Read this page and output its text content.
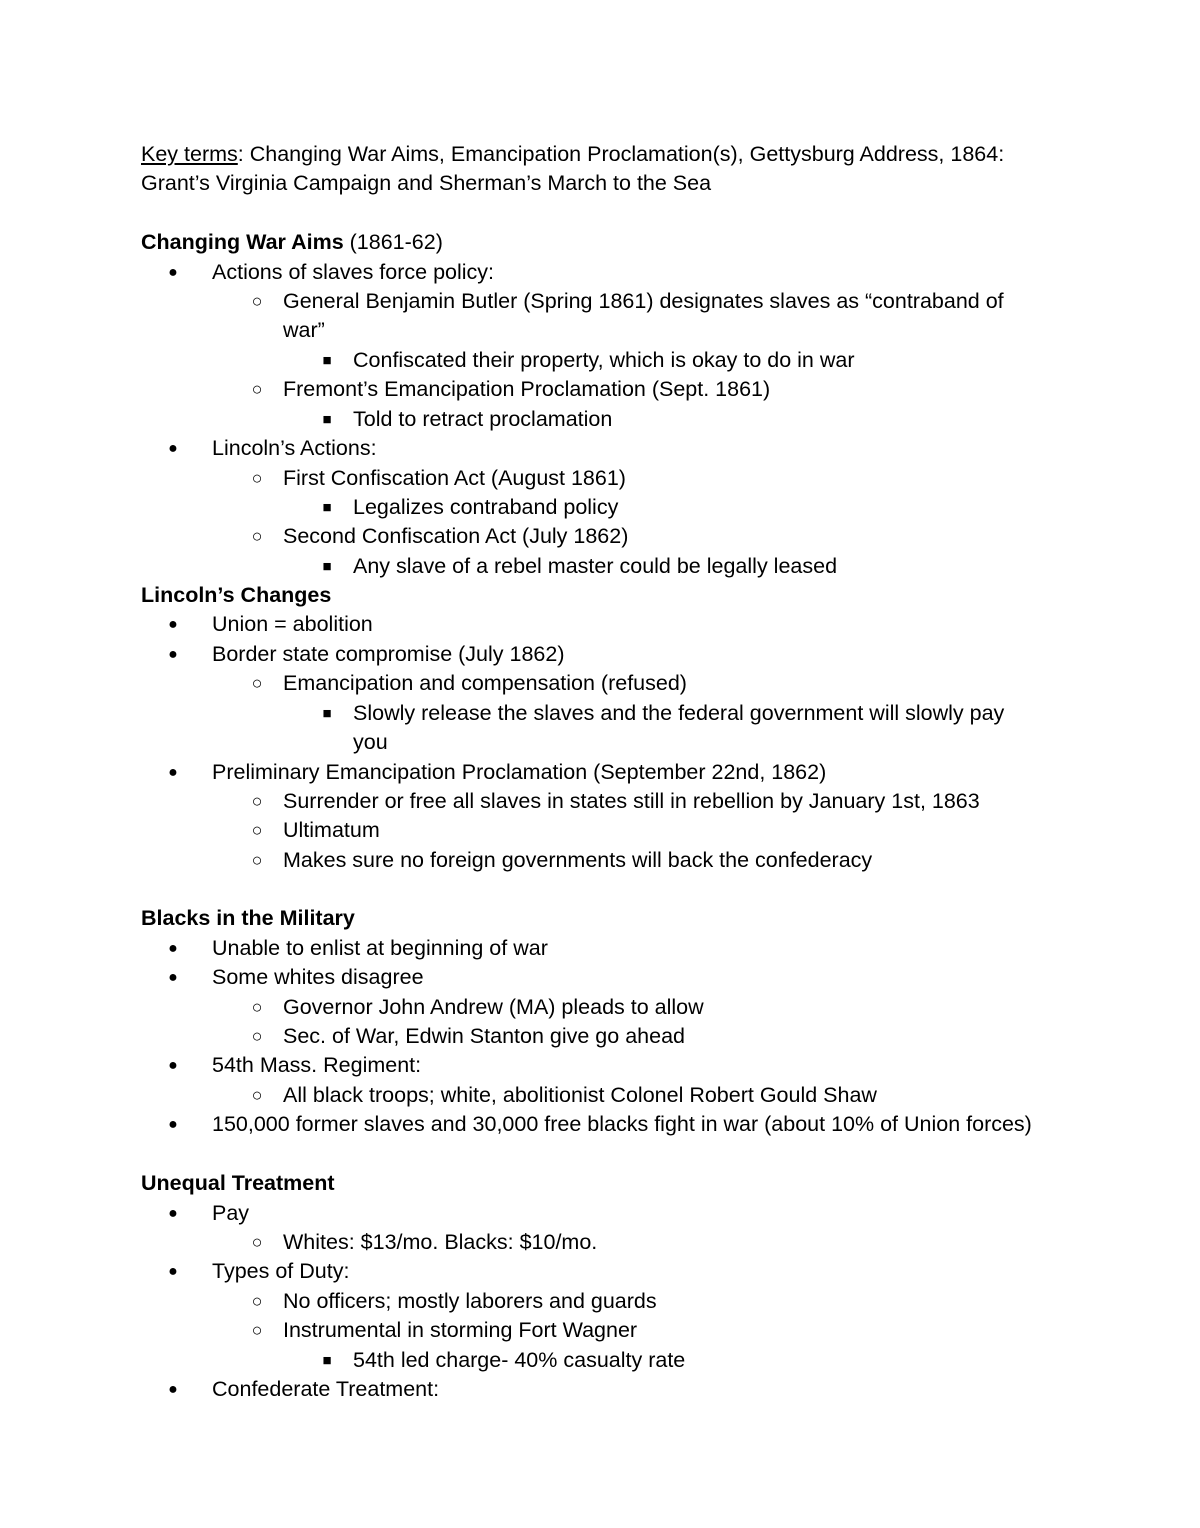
Key terms: Changing War Aims, Emancipation Proclamation(s), Gettysburg Address, 1864:
Grant’s Virginia Campaign and Sherman’s March to the Sea
Changing War Aims (1861-62)
● Actions of slaves force policy:
○ General Benjamin Butler (Spring 1861) designates slaves as “contraband of
war”
■ Confiscated their property, which is okay to do in war
○ Fremont’s Emancipation Proclamation (Sept. 1861)
■ Told to retract proclamation
● Lincoln’s Actions:
○ First Confiscation Act (August 1861)
■ Legalizes contraband policy
○ Second Confiscation Act (July 1862)
■ Any slave of a rebel master could be legally leased
Lincoln’s Changes
● Union = abolition
● Border state compromise (July 1862)
○ Emancipation and compensation (refused)
■ Slowly release the slaves and the federal government will slowly pay
you
● Preliminary Emancipation Proclamation (September 22nd, 1862)
○ Surrender or free all slaves in states still in rebellion by January 1st, 1863
○ Ultimatum
○ Makes sure no foreign governments will back the confederacy
Blacks in the Military
● Unable to enlist at beginning of war
● Some whites disagree
○ Governor John Andrew (MA) pleads to allow
○ Sec. of War, Edwin Stanton give go ahead
● 54th Mass. Regiment:
○ All black troops; white, abolitionist Colonel Robert Gould Shaw
● 150,000 former slaves and 30,000 free blacks fight in war (about 10% of Union forces)
Unequal Treatment
● Pay
○ Whites: $13/mo. Blacks: $10/mo.
● Types of Duty:
○ No officers; mostly laborers and guards
○ Instrumental in storming Fort Wagner
■ 54th led charge- 40% casualty rate
● Confederate Treatment:
